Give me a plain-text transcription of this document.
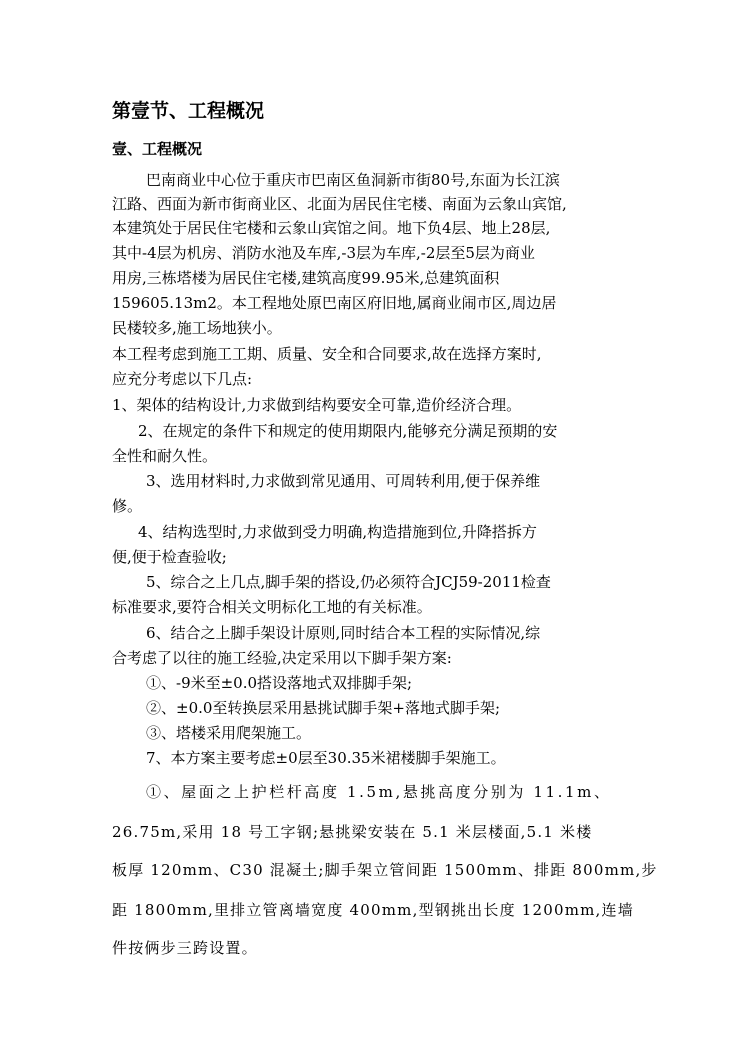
第壹节、工程概况
壹、工程概况
巴南商业中心位于重庆市巴南区鱼洞新市街80号,东面为长江滨
江路、西面为新市街商业区、北面为居民住宅楼、南面为云象山宾馆,
本建筑处于居民住宅楼和云象山宾馆之间。地下负4层、地上28层,
其中-4层为机房、消防水池及车库,-3层为车库,-2层至5层为商业
用房,三栋塔楼为居民住宅楼,建筑高度99.95米,总建筑面积
159605.13m2。本工程地处原巴南区府旧地,属商业闹市区,周边居
民楼较多,施工场地狭小。
本工程考虑到施工工期、质量、安全和合同要求,故在选择方案时,
应充分考虑以下几点:
1、架体的结构设计,力求做到结构要安全可靠,造价经济合理。
2、在规定的条件下和规定的使用期限内,能够充分满足预期的安
全性和耐久性。
3、选用材料时,力求做到常见通用、可周转利用,便于保养维
修。
4、结构选型时,力求做到受力明确,构造措施到位,升降搭拆方
便,便于检查验收;
5、综合之上几点,脚手架的搭设,仍必须符合JCJ59-2011检查
标准要求,要符合相关文明标化工地的有关标准。
6、结合之上脚手架设计原则,同时结合本工程的实际情况,综
合考虑了以往的施工经验,决定采用以下脚手架方案:
①、-9米至±0.0搭设落地式双排脚手架;
②、±0.0至转换层采用悬挑试脚手架+落地式脚手架;
③、塔楼采用爬架施工。
7、本方案主要考虑±0层至30.35米裙楼脚手架施工。
①、屋面之上护栏杆高度 1.5m,悬挑高度分别为 11.1m、
26.75m,采用 18 号工字钢;悬挑梁安装在 5.1 米层楼面,5.1 米楼
板厚 120mm、C30 混凝土;脚手架立管间距 1500mm、排距 800mm,步
距 1800mm,里排立管离墙宽度 400mm,型钢挑出长度 1200mm,连墙
件按俩步三跨设置。
